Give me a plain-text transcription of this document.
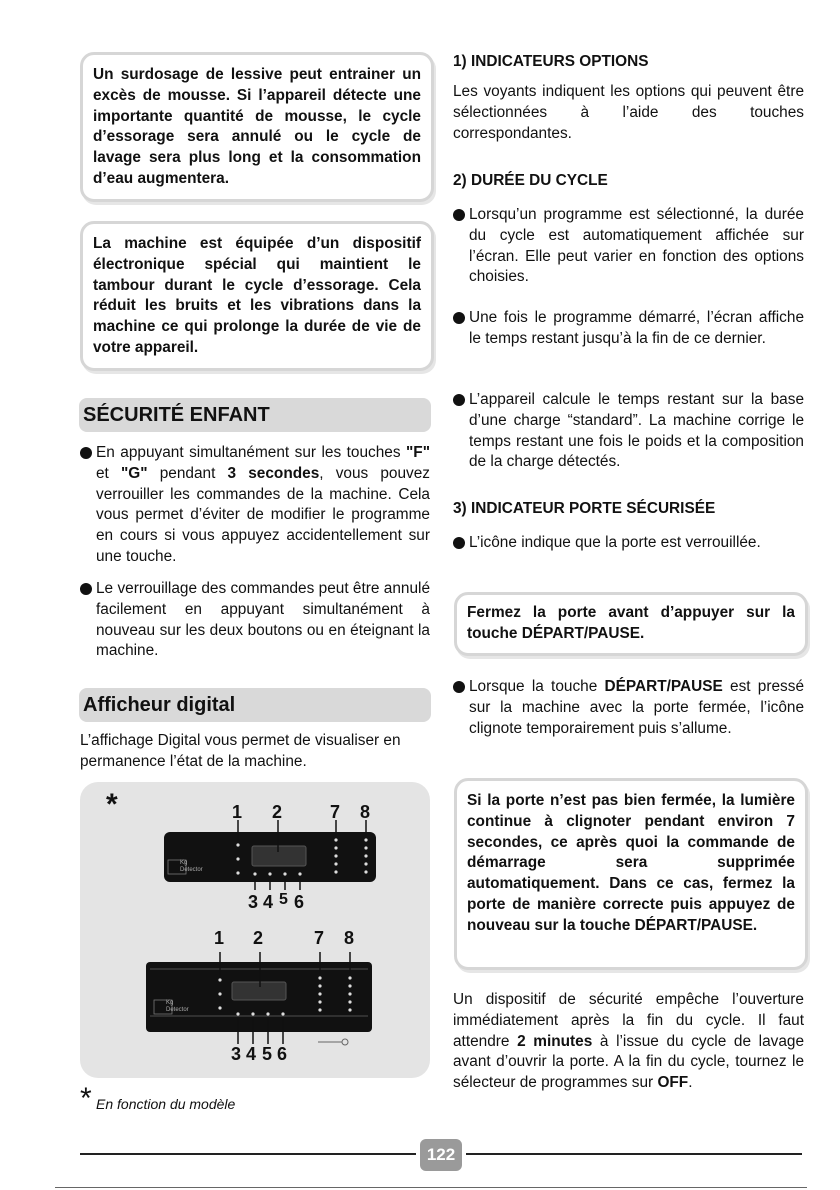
Un surdosage de lessive peut entrainer un excès de mousse. Si l’appareil détecte une importante quantité de mousse, le cycle d’essorage sera annulé ou le cycle de lavage sera plus long et la consommation d’eau augmentera.
La machine est équipée d’un dispositif électronique spécial qui maintient le tambour durant le cycle d’essorage. Cela réduit les bruits et les vibrations dans la machine ce qui prolonge la durée de vie de votre appareil.
SÉCURITÉ ENFANT
En appuyant simultanément sur les touches "F" et "G" pendant 3 secondes, vous pouvez verrouiller les commandes de la machine. Cela vous permet d’éviter de modifier le programme en cours si vous appuyez accidentellement sur une touche.
Le verrouillage des commandes peut être annulé facilement en appuyant simultanément à nouveau sur les deux boutons ou en éteignant la machine.
Afficheur digital
L’affichage Digital vous permet de visualiser en permanence l’état de la machine.
*	1 2	7 8
Kg
Detector
3 4 5 6
1 2	7 8
Kg
Detector
3 4 5 6
* En fonction du modèle
1) INDICATEURS OPTIONS
Les voyants indiquent les options qui peuvent être sélectionnées à l’aide des touches correspondantes.
2) DURÉE DU CYCLE
Lorsqu’un programme est sélectionné, la durée du cycle est automatiquement affichée sur l’écran. Elle peut varier en fonction des options choisies.
Une fois le programme démarré, l’écran affiche le temps restant jusqu’à la fin de ce dernier.
L’appareil calcule le temps restant sur la base d’une charge “standard”. La machine corrige le temps restant une fois le poids et la composition de la charge détectés.
3) INDICATEUR PORTE SÉCURISÉE
L’icône indique que la porte est verrouillée.
Fermez la porte avant d’appuyer sur la touche DÉPART/PAUSE.
Lorsque la touche DÉPART/PAUSE est pressé sur la machine avec la porte fermée, l’icône clignote temporairement puis s’allume.
Si la porte n’est pas bien fermée, la lumière continue à clignoter pendant environ 7 secondes, ce après quoi la commande de démarrage sera supprimée automatiquement. Dans ce cas, fermez la porte de manière correcte puis appuyez de nouveau sur la touche DÉPART/PAUSE.
Un dispositif de sécurité empêche l’ouverture immédiatement après la fin du cycle. Il faut attendre 2 minutes à l’issue du cycle de lavage avant d’ouvrir la porte. A la fin du cycle, tournez le sélecteur de programmes sur OFF.
122
